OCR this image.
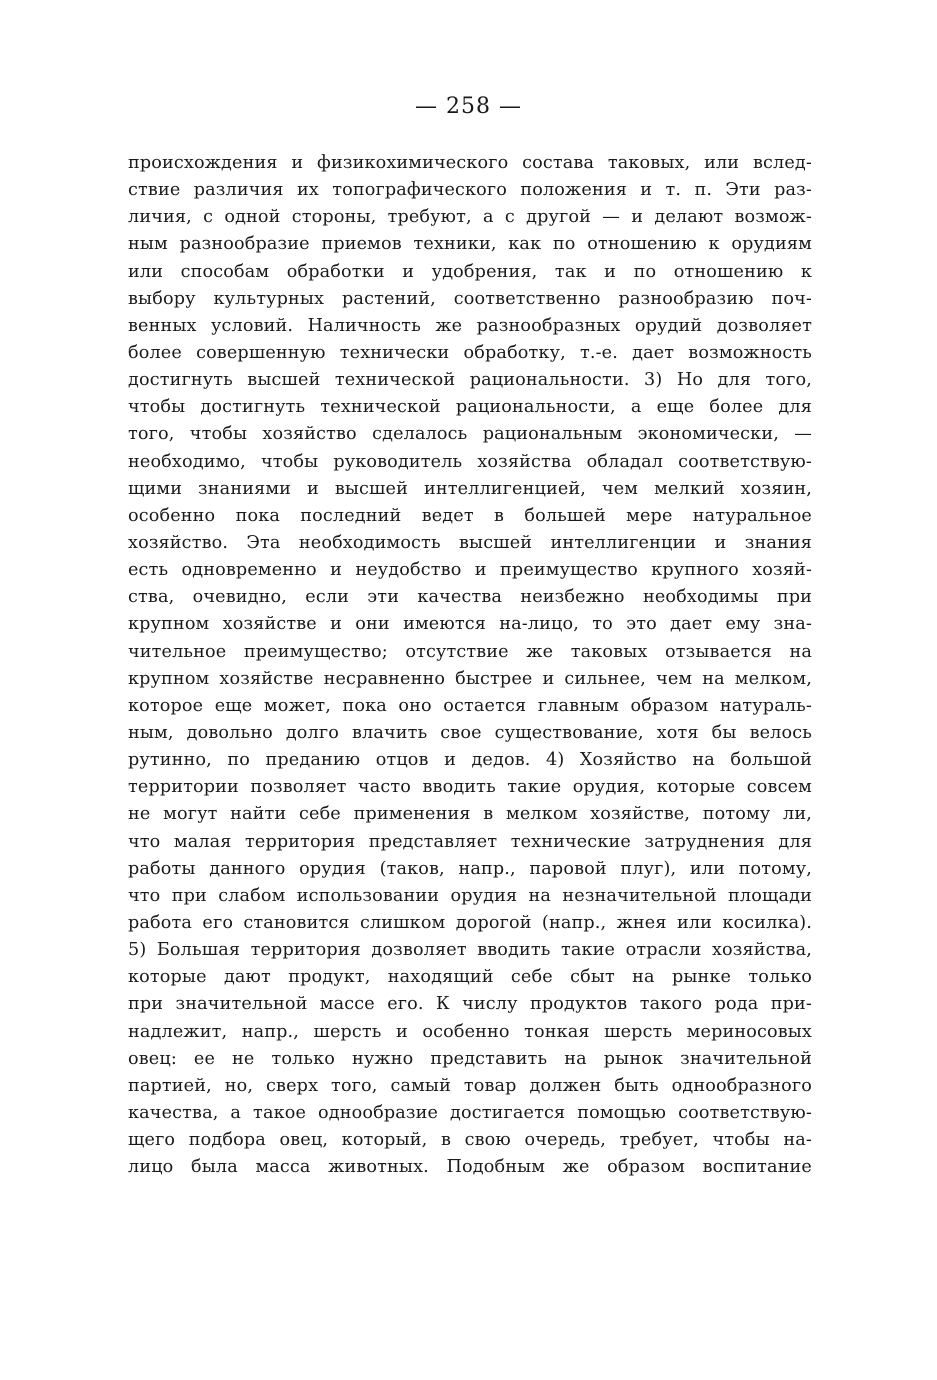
— 258 —
происхождения и физикохимического состава таковых, или вслед-
ствие различия их топографического положения и т. п. Эти раз-
личия, с одной стороны, требуют, а с другой — и делают возмож-
ным разнообразие приемов техники, как по отношению к орудиям
или способам обработки и удобрения, так и по отношению к
выбору культурных растений, соответственно разнообразию поч-
венных условий. Наличность же разнообразных орудий дозволяет
более совершенную технически обработку, т.-е. дает возможность
достигнуть высшей технической рациональности. 3) Но для того,
чтобы достигнуть технической рациональности, а еще более для
того, чтобы хозяйство сделалось рациональным экономически, —
необходимо, чтобы руководитель хозяйства обладал соответствую-
щими знаниями и высшей интеллигенцией, чем мелкий хозяин,
особенно пока последний ведет в большей мере натуральное
хозяйство. Эта необходимость высшей интеллигенции и знания
есть одновременно и неудобство и преимущество крупного хозяй-
ства, очевидно, если эти качества неизбежно необходимы при
крупном хозяйстве и они имеются на-лицо, то это дает ему зна-
чительное преимущество; отсутствие же таковых отзывается на
крупном хозяйстве несравненно быстрее и сильнее, чем на мелком,
которое еще может, пока оно остается главным образом натураль-
ным, довольно долго влачить свое существование, хотя бы велось
рутинно, по преданию отцов и дедов. 4) Хозяйство на большой
территории позволяет часто вводить такие орудия, которые совсем
не могут найти себе применения в мелком хозяйстве, потому ли,
что малая территория представляет технические затруднения для
работы данного орудия (таков, напр., паровой плуг), или потому,
что при слабом использовании орудия на незначительной площади
работа его становится слишком дорогой (напр., жнея или косилка).
5) Большая территория дозволяет вводить такие отрасли хозяйства,
которые дают продукт, находящий себе сбыт на рынке только
при значительной массе его. К числу продуктов такого рода при-
надлежит, напр., шерсть и особенно тонкая шерсть мериносовых
овец: ее не только нужно представить на рынок значительной
партией, но, сверх того, самый товар должен быть однообразного
качества, а такое однообразие достигается помощью соответствую-
щего подбора овец, который, в свою очередь, требует, чтобы на-
лицо была масса животных. Подобным же образом воспитание
